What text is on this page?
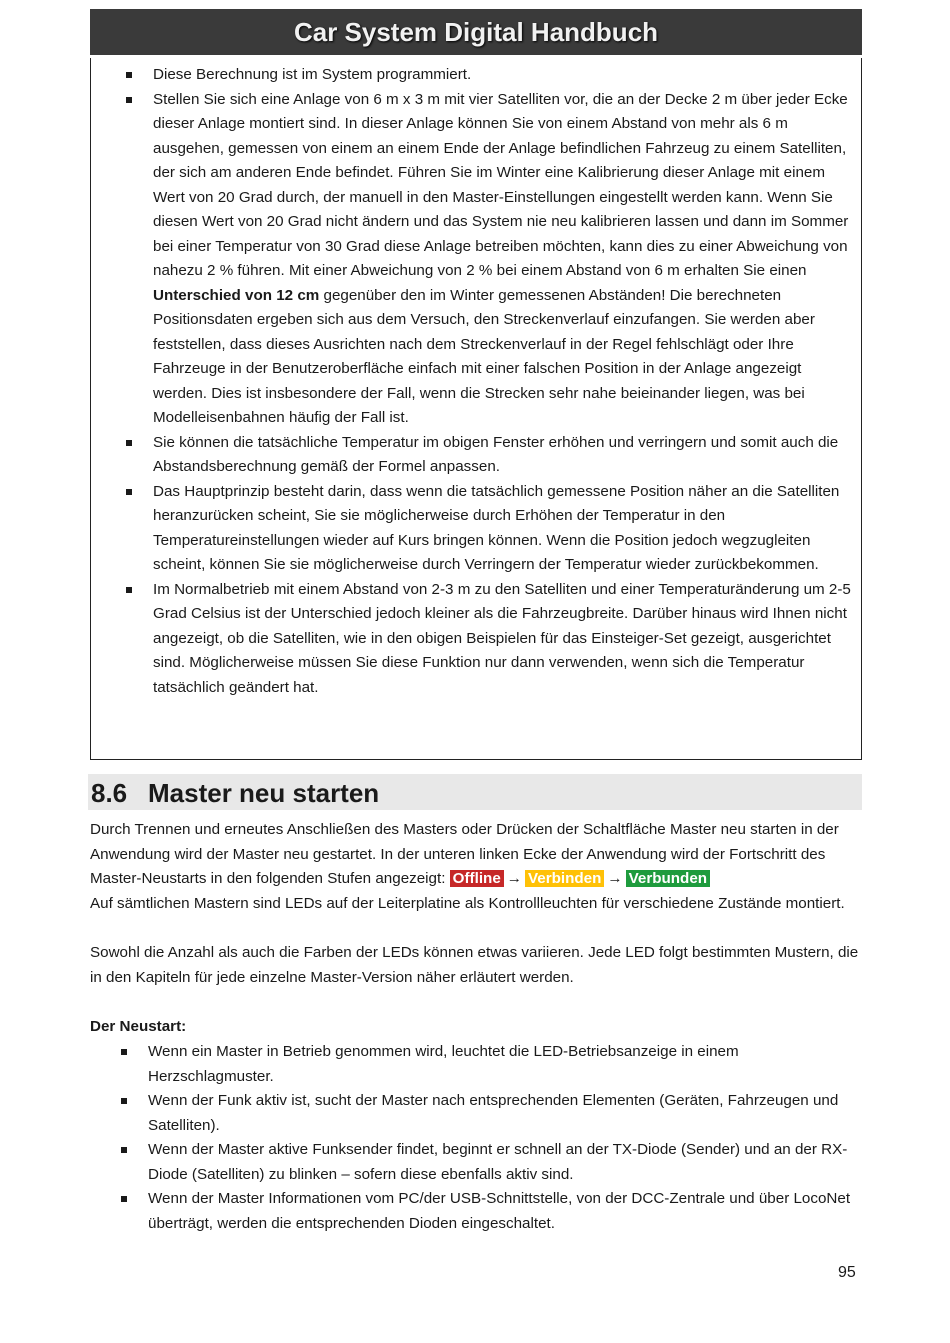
Car System Digital Handbuch
Diese Berechnung ist im System programmiert.
Stellen Sie sich eine Anlage von 6 m x 3 m mit vier Satelliten vor, die an der Decke 2 m über jeder Ecke dieser Anlage montiert sind. In dieser Anlage können Sie von einem Abstand von mehr als 6 m ausgehen, gemessen von einem an einem Ende der Anlage befindlichen Fahrzeug zu einem Satelliten, der sich am anderen Ende befindet. Führen Sie im Winter eine Kalibrierung dieser Anlage mit einem Wert von 20 Grad durch, der manuell in den Master-Einstellungen eingestellt werden kann. Wenn Sie diesen Wert von 20 Grad nicht ändern und das System nie neu kalibrieren lassen und dann im Sommer bei einer Temperatur von 30 Grad diese Anlage betreiben möchten, kann dies zu einer Abweichung von nahezu 2 % führen. Mit einer Abweichung von 2 % bei einem Abstand von 6 m erhalten Sie einen Unterschied von 12 cm gegenüber den im Winter gemessenen Abständen! Die berechneten Positionsdaten ergeben sich aus dem Versuch, den Streckenverlauf einzufangen. Sie werden aber feststellen, dass dieses Ausrichten nach dem Streckenverlauf in der Regel fehlschlägt oder Ihre Fahrzeuge in der Benutzeroberfläche einfach mit einer falschen Position in der Anlage angezeigt werden. Dies ist insbesondere der Fall, wenn die Strecken sehr nahe beieinander liegen, was bei Modelleisenbahnen häufig der Fall ist.
Sie können die tatsächliche Temperatur im obigen Fenster erhöhen und verringern und somit auch die Abstandsberechnung gemäß der Formel anpassen.
Das Hauptprinzip besteht darin, dass wenn die tatsächlich gemessene Position näher an die Satelliten heranzurücken scheint, Sie sie möglicherweise durch Erhöhen der Temperatur in den Temperatureinstellungen wieder auf Kurs bringen können. Wenn die Position jedoch wegzugleiten scheint, können Sie sie möglicherweise durch Verringern der Temperatur wieder zurückbekommen.
Im Normalbetrieb mit einem Abstand von 2-3 m zu den Satelliten und einer Temperaturänderung um 2-5 Grad Celsius ist der Unterschied jedoch kleiner als die Fahrzeugbreite. Darüber hinaus wird Ihnen nicht angezeigt, ob die Satelliten, wie in den obigen Beispielen für das Einsteiger-Set gezeigt, ausgerichtet sind. Möglicherweise müssen Sie diese Funktion nur dann verwenden, wenn sich die Temperatur tatsächlich geändert hat.
8.6 Master neu starten
Durch Trennen und erneutes Anschließen des Masters oder Drücken der Schaltfläche Master neu starten in der Anwendung wird der Master neu gestartet. In der unteren linken Ecke der Anwendung wird der Fortschritt des Master-Neustarts in den folgenden Stufen angezeigt: Offline → Verbinden → Verbunden
Auf sämtlichen Mastern sind LEDs auf der Leiterplatine als Kontrollleuchten für verschiedene Zustände montiert.
Sowohl die Anzahl als auch die Farben der LEDs können etwas variieren. Jede LED folgt bestimmten Mustern, die in den Kapiteln für jede einzelne Master-Version näher erläutert werden.
Der Neustart:
Wenn ein Master in Betrieb genommen wird, leuchtet die LED-Betriebsanzeige in einem Herzschlagmuster.
Wenn der Funk aktiv ist, sucht der Master nach entsprechenden Elementen (Geräten, Fahrzeugen und Satelliten).
Wenn der Master aktive Funksender findet, beginnt er schnell an der TX-Diode (Sender) und an der RX-Diode (Satelliten) zu blinken – sofern diese ebenfalls aktiv sind.
Wenn der Master Informationen vom PC/der USB-Schnittstelle, von der DCC-Zentrale und über LocoNet überträgt, werden die entsprechenden Dioden eingeschaltet.
95
